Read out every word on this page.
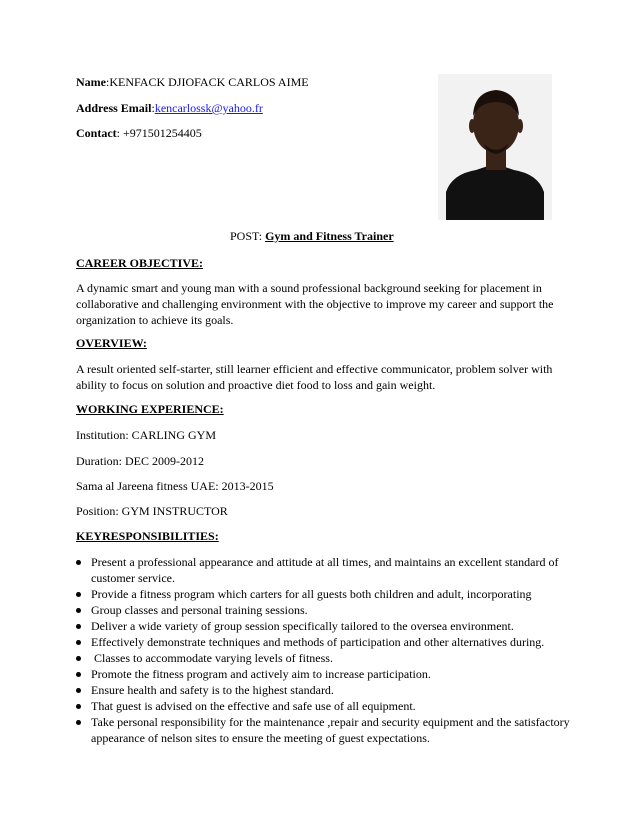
Name:KENFACK DJIOFACK CARLOS AIME
Address Email:kencarlossk@yahoo.fr
Contact: +971501254405
POST: Gym and Fitness Trainer
CAREER OBJECTIVE:
A dynamic smart and young man with a sound professional background seeking for placement in
collaborative and challenging environment with the objective to improve my career and support the
organization to achieve its goals.
OVERVIEW:
A result oriented self-starter, still learner efficient and effective communicator, problem solver with
ability to focus on solution and proactive diet food to loss and gain weight.
WORKING EXPERIENCE:
Institution: CARLING GYM
Duration: DEC 2009-2012
Sama al Jareena fitness UAE: 2013-2015
Position: GYM INSTRUCTOR
KEYRESPONSIBILITIES:
Present a professional appearance and attitude at all times, and maintains an excellent standard of
customer service.
Provide a fitness program which carters for all guests both children and adult, incorporating
Group classes and personal training sessions.
Deliver a wide variety of group session specifically tailored to the oversea environment.
Effectively demonstrate techniques and methods of participation and other alternatives during.
Classes to accommodate varying levels of fitness.
Promote the fitness program and actively aim to increase participation.
Ensure health and safety is to the highest standard.
That guest is advised on the effective and safe use of all equipment.
Take personal responsibility for the maintenance ,repair and security equipment and the satisfactory
appearance of nelson sites to ensure the meeting of guest expectations.
